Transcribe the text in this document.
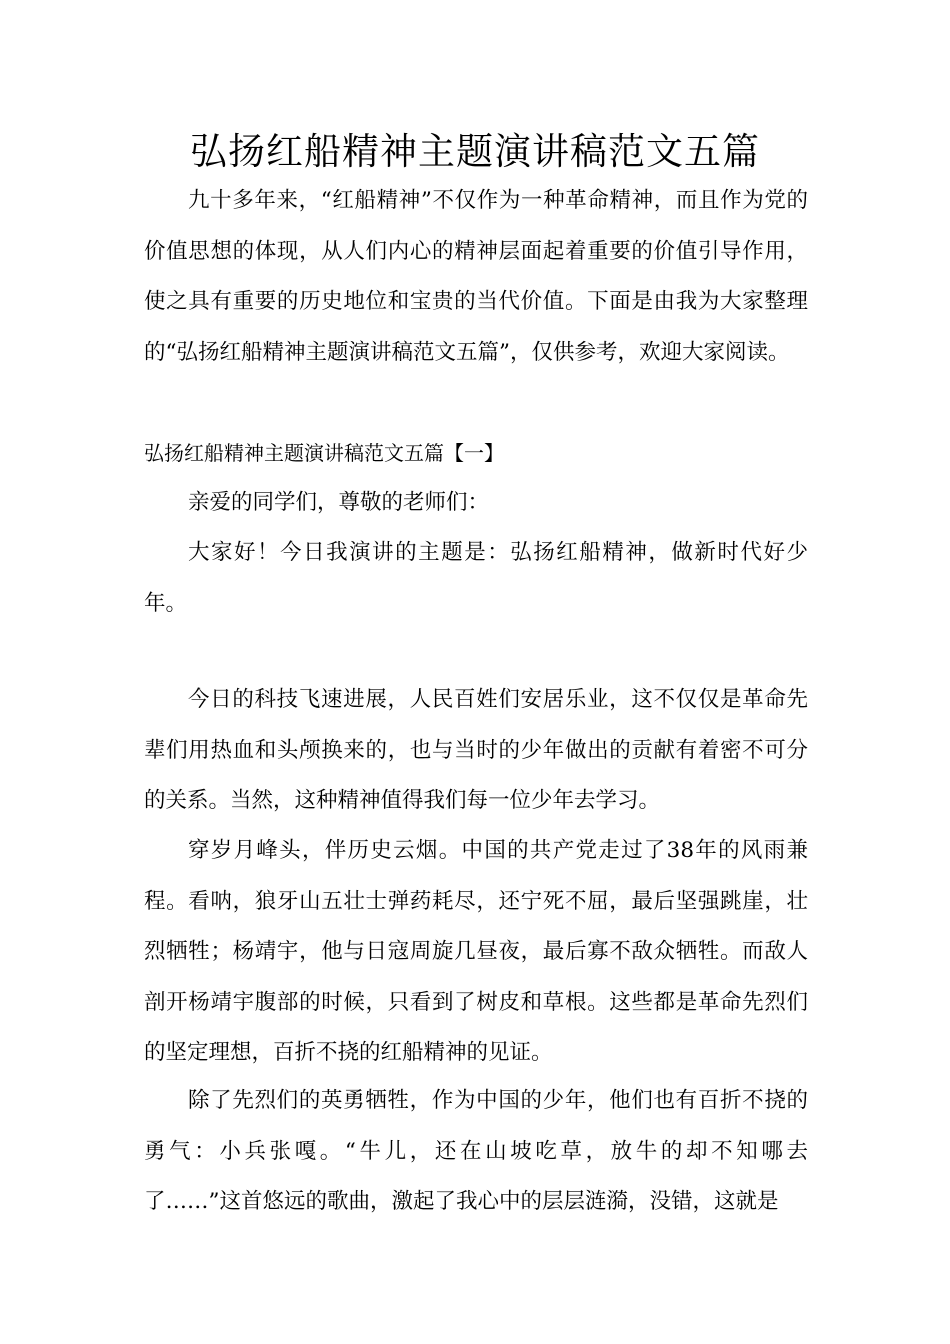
弘扬红船精神主题演讲稿范文五篇

九十多年来，“红船精神”不仅作为一种革命精神，而且作为党的价值思想的体现，从人们内心的精神层面起着重要的价值引导作用，使之具有重要的历史地位和宝贵的当代价值。下面是由我为大家整理的“弘扬红船精神主题演讲稿范文五篇”，仅供参考，欢迎大家阅读。

弘扬红船精神主题演讲稿范文五篇【一】

亲爱的同学们，尊敬的老师们：

大家好！今日我演讲的主题是：弘扬红船精神，做新时代好少年。

今日的科技飞速进展，人民百姓们安居乐业，这不仅仅是革命先辈们用热血和头颅换来的，也与当时的少年做出的贡献有着密不可分的关系。当然，这种精神值得我们每一位少年去学习。

穿岁月峰头，伴历史云烟。中国的共产党走过了38年的风雨兼程。看呐，狼牙山五壮士弹药耗尽，还宁死不屈，最后坚强跳崖，壮烈牺牲；杨靖宇，他与日寇周旋几昼夜，最后寡不敌众牺牲。而敌人剖开杨靖宇腹部的时候，只看到了树皮和草根。这些都是革命先烈们的坚定理想，百折不挠的红船精神的见证。

除了先烈们的英勇牺牲，作为中国的少年，他们也有百折不挠的勇气：小兵张嘎。“牛儿，还在山坡吃草，放牛的却不知哪去了……”这首悠远的歌曲，激起了我心中的层层涟漪，没错，这就是
